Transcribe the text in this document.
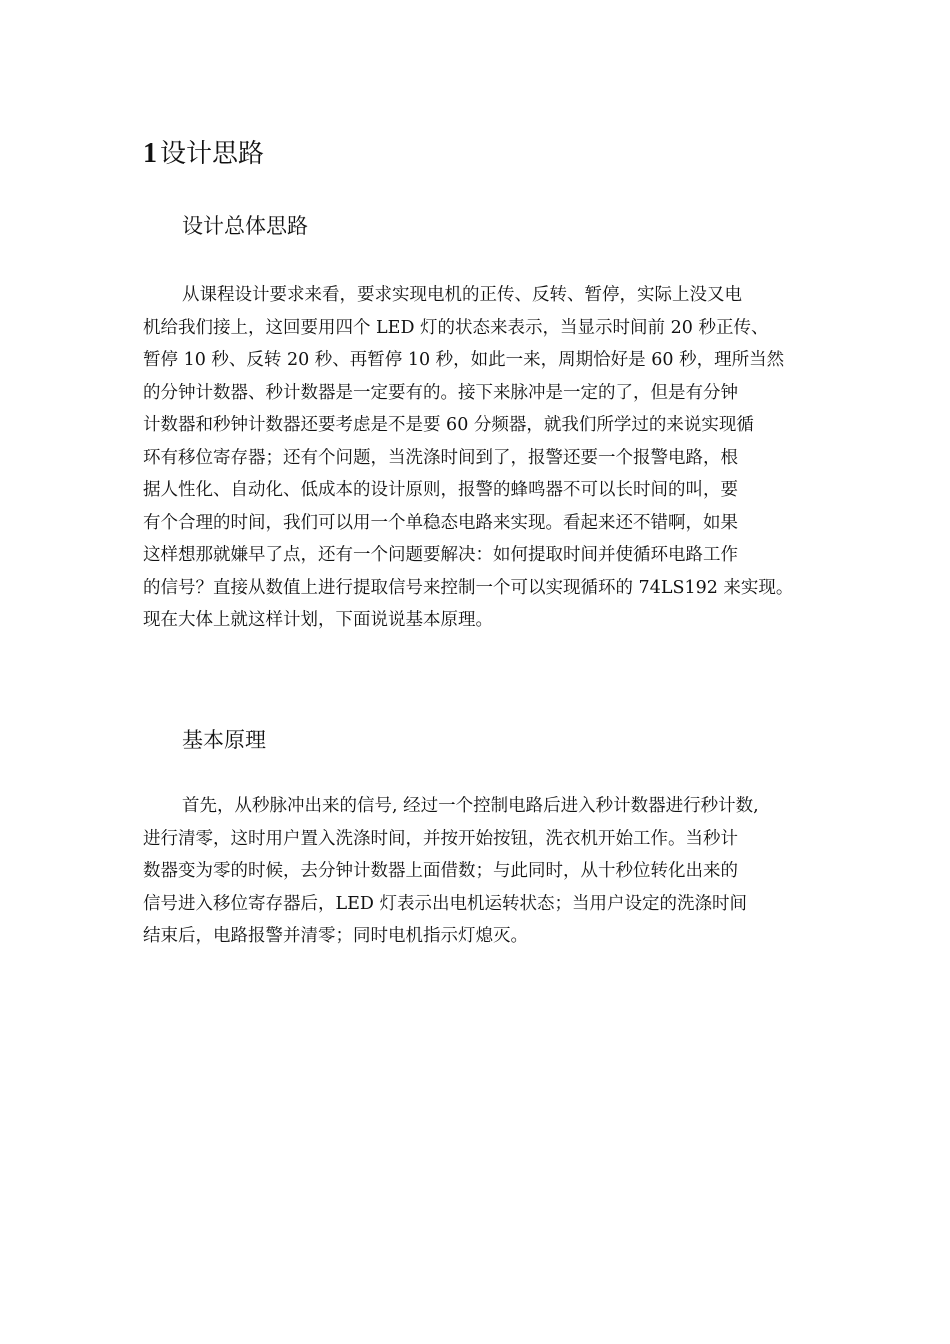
1 设计思路
设计总体思路
从课程设计要求来看，要求实现电机的正传、反转、暂停，实际上没又电
机给我们接上，这回要用四个 LED 灯的状态来表示，当显示时间前 20 秒正传、
暂停 10 秒、反转 20 秒、再暂停 10 秒，如此一来，周期恰好是 60 秒，理所当然
的分钟计数器、秒计数器是一定要有的。接下来脉冲是一定的了，但是有分钟
计数器和秒钟计数器还要考虑是不是要 60 分频器，就我们所学过的来说实现循
环有移位寄存器；还有个问题，当洗涤时间到了，报警还要一个报警电路，根
据人性化、自动化、低成本的设计原则，报警的蜂鸣器不可以长时间的叫，要
有个合理的时间，我们可以用一个单稳态电路来实现。看起来还不错啊，如果
这样想那就嫌早了点，还有一个问题要解决：如何提取时间并使循环电路工作
的信号？直接从数值上进行提取信号来控制一个可以实现循环的 74LS192 来实现。
现在大体上就这样计划，下面说说基本原理。
基本原理
首先，从秒脉冲出来的信号, 经过一个控制电路后进入秒计数器进行秒计数,
进行清零，这时用户置入洗涤时间，并按开始按钮，洗衣机开始工作。当秒计
数器变为零的时候，去分钟计数器上面借数；与此同时，从十秒位转化出来的
信号进入移位寄存器后，LED 灯表示出电机运转状态；当用户设定的洗涤时间
结束后，电路报警并清零；同时电机指示灯熄灭。
